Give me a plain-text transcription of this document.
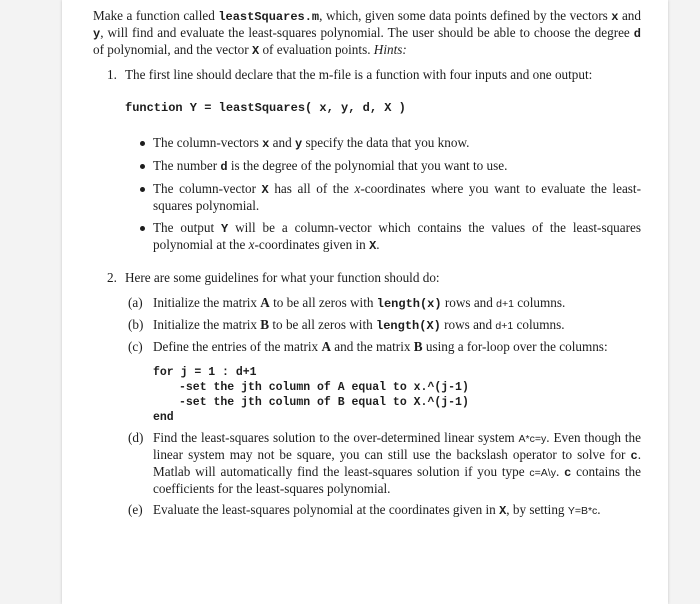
Make a function called leastSquares.m, which, given some data points defined by the vectors x and y, will find and evaluate the least-squares polynomial. The user should be able to choose the degree d of polynomial, and the vector X of evaluation points. Hints:

1. The first line should declare that the m-file is a function with four inputs and one output:

function Y = leastSquares( x, y, d, X )
The column-vectors x and y specify the data that you know.
The number d is the degree of the polynomial that you want to use.
The column-vector X has all of the x-coordinates where you want to evaluate the least-squares polynomial.
The output Y will be a column-vector which contains the values of the least-squares polynomial at the x-coordinates given in X.
2. Here are some guidelines for what your function should do:

(a) Initialize the matrix A to be all zeros with length(x) rows and d+1 columns.
(b) Initialize the matrix B to be all zeros with length(X) rows and d+1 columns.
(c) Define the entries of the matrix A and the matrix B using a for-loop over the columns:
for j = 1 : d+1
-set the jth column of A equal to x.^(j-1)
-set the jth column of B equal to X.^(j-1)
end
(d) Find the least-squares solution to the over-determined linear system A*c=y. Even though the linear system may not be square, you can still use the backslash operator to solve for c. Matlab will automatically find the least-squares solution if you type c=A\y. c contains the coefficients for the least-squares polynomial.
(e) Evaluate the least-squares polynomial at the coordinates given in X, by setting Y=B*c.
